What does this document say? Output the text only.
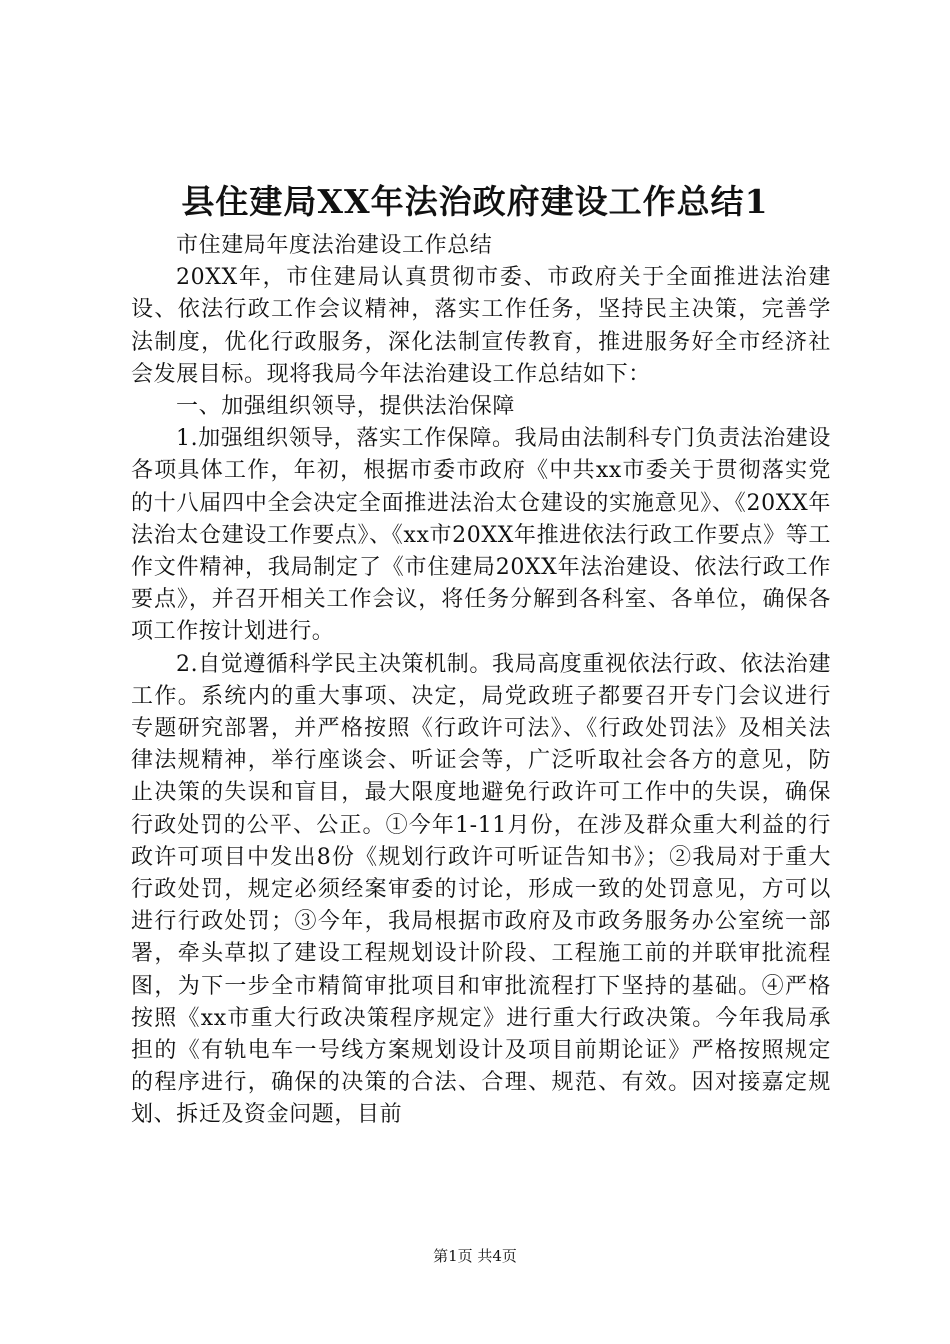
县住建局XX年法治政府建设工作总结1

市住建局年度法治建设工作总结

20XX年，市住建局认真贯彻市委、市政府关于全面推进法治建设、依法行政工作会议精神，落实工作任务，坚持民主决策，完善学法制度，优化行政服务，深化法制宣传教育，推进服务好全市经济社会发展目标。现将我局今年法治建设工作总结如下：

一、加强组织领导，提供法治保障

1.加强组织领导，落实工作保障。我局由法制科专门负责法治建设各项具体工作，年初，根据市委市政府《中共xx市委关于贯彻落实党的十八届四中全会决定全面推进法治太仓建设的实施意见》、《20XX年法治太仓建设工作要点》、《xx市20XX年推进依法行政工作要点》等工作文件精神，我局制定了《市住建局20XX年法治建设、依法行政工作要点》，并召开相关工作会议，将任务分解到各科室、各单位，确保各项工作按计划进行。

2.自觉遵循科学民主决策机制。我局高度重视依法行政、依法治建工作。系统内的重大事项、决定，局党政班子都要召开专门会议进行专题研究部署，并严格按照《行政许可法》、《行政处罚法》及相关法律法规精神，举行座谈会、听证会等，广泛听取社会各方的意见，防止决策的失误和盲目，最大限度地避免行政许可工作中的失误，确保行政处罚的公平、公正。①今年1-11月份，在涉及群众重大利益的行政许可项目中发出8份《规划行政许可听证告知书》；②我局对于重大行政处罚，规定必须经案审委的讨论，形成一致的处罚意见，方可以进行行政处罚；③今年，我局根据市政府及市政务服务办公室统一部署，牵头草拟了建设工程规划设计阶段、工程施工前的并联审批流程图，为下一步全市精简审批项目和审批流程打下坚持的基础。④严格按照《xx市重大行政决策程序规定》进行重大行政决策。今年我局承担的《有轨电车一号线方案规划设计及项目前期论证》严格按照规定的程序进行，确保的决策的合法、合理、规范、有效。因对接嘉定规划、拆迁及资金问题，目前

第1页 共4页
